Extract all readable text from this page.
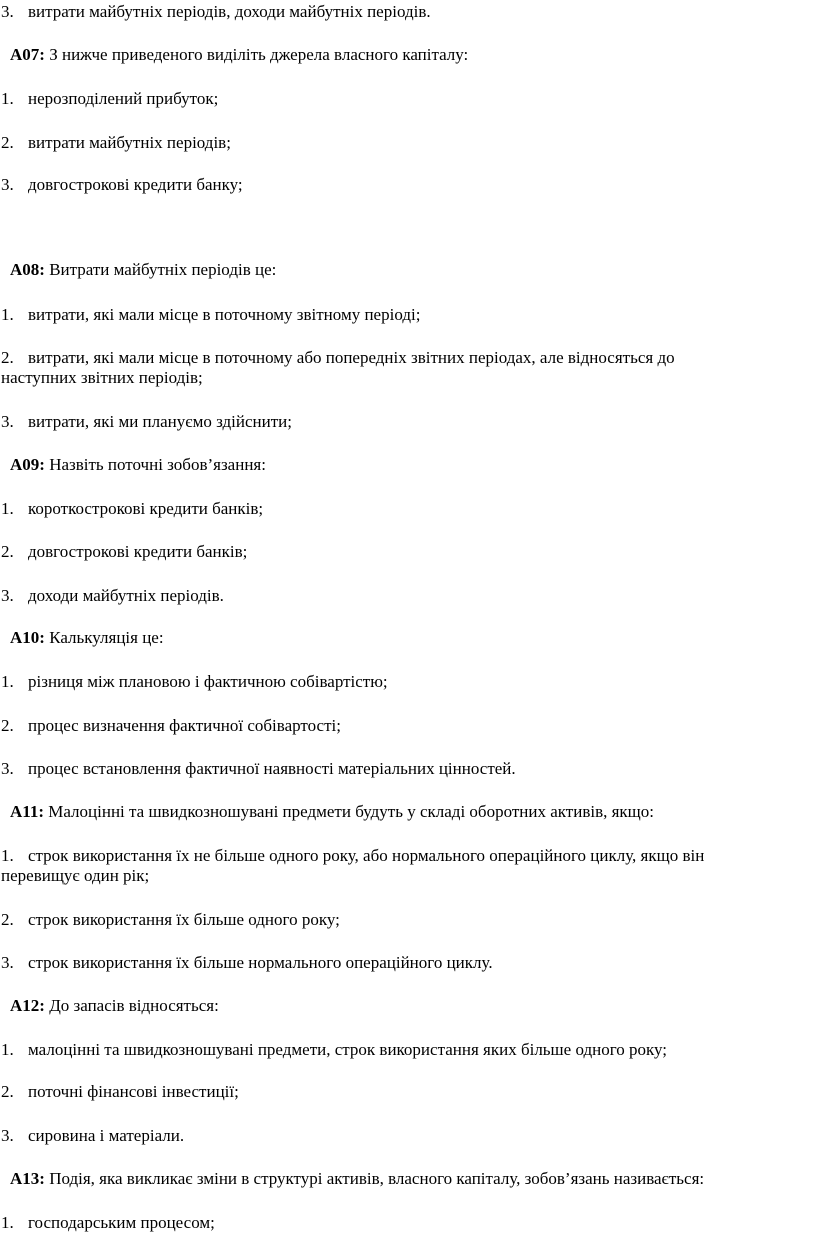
3. витрати майбутніх періодів, доходи майбутніх періодів.
А07: З нижче приведеного виділіть джерела власного капіталу:
1. нерозподілений прибуток;
2. витрати майбутніх періодів;
3. довгострокові кредити банку;
А08: Витрати майбутніх періодів це:
1. витрати, які мали місце в поточному звітному періоді;
2. витрати, які мали місце в поточному або попередніх звітних періодах, але відносяться до
наступних звітних періодів;
3. витрати, які ми плануємо здійснити;
А09: Назвіть поточні зобов’язання:
1. короткострокові кредити банків;
2. довгострокові кредити банків;
3. доходи майбутніх періодів.
А10: Калькуляція це:
1. різниця між плановою і фактичною собівартістю;
2. процес визначення фактичної собівартості;
3. процес встановлення фактичної наявності матеріальних цінностей.
А11: Малоцінні та швидкозношувані предмети будуть у складі оборотних активів, якщо:
1. строк використання їх не більше одного року, або нормального операційного циклу, якщо він
перевищує один рік;
2. строк використання їх більше одного року;
3. строк використання їх більше нормального операційного циклу.
А12: До запасів відносяться:
1. малоцінні та швидкозношувані предмети, строк використання яких більше одного року;
2. поточні фінансові інвестиції;
3. сировина і матеріали.
А13: Подія, яка викликає зміни в структурі активів, власного капіталу, зобов’язань називається:
1. господарським процесом;
